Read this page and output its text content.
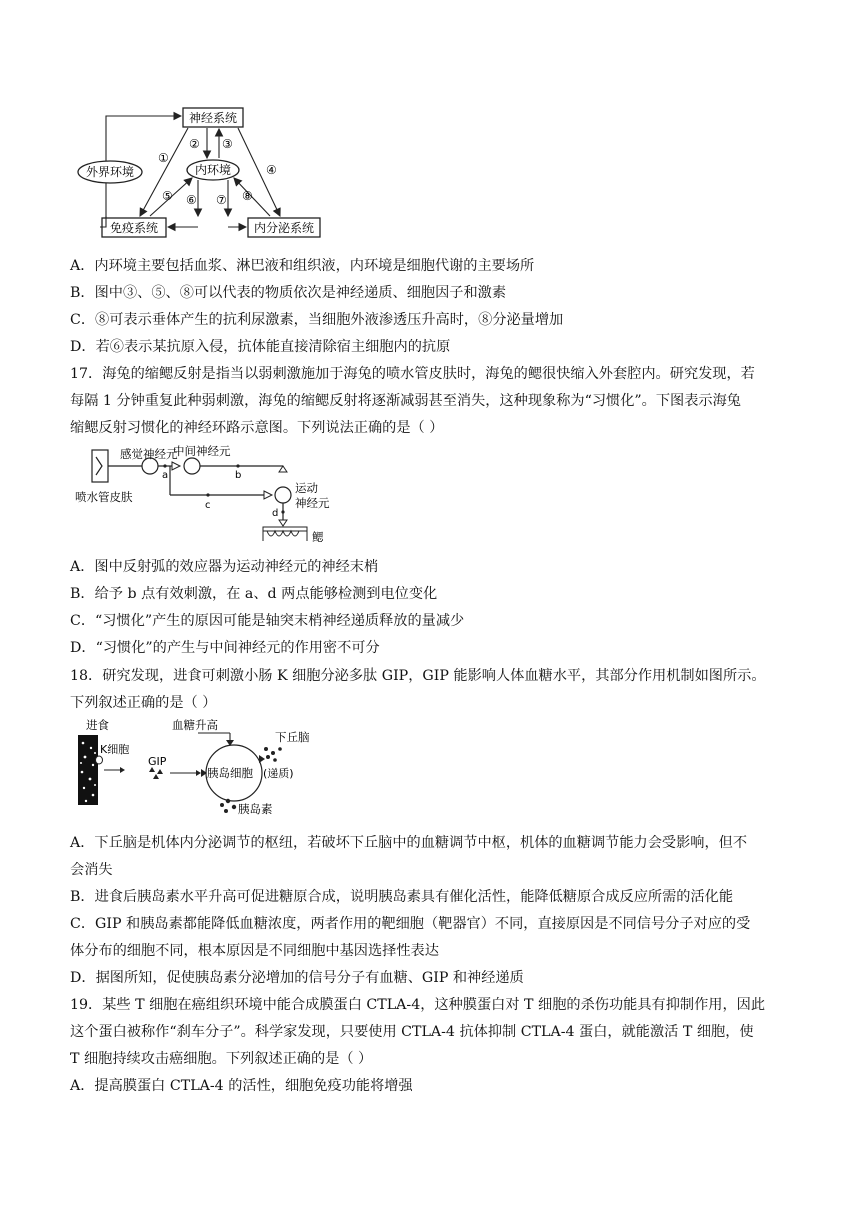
神经系统
外界环境	内环境
免疫系统	内分泌系统
①
② ③
④
⑤ ⑥ ⑦ ⑧
A．内环境主要包括血浆、淋巴液和组织液，内环境是细胞代谢的主要场所
B．图中③、⑤、⑧可以代表的物质依次是神经递质、细胞因子和激素
C．⑧可表示垂体产生的抗利尿激素，当细胞外液渗透压升高时，⑧分泌量增加
D．若⑥表示某抗原入侵，抗体能直接清除宿主细胞内的抗原
17．海兔的缩鳃反射是指当以弱刺激施加于海兔的喷水管皮肤时，海兔的鳃很快缩入外套腔内。研究发现，若
每隔 1 分钟重复此种弱刺激，海兔的缩鳃反射将逐渐减弱甚至消失，这种现象称为“习惯化”。下图表示海兔
缩鳃反射习惯化的神经环路示意图。下列说法正确的是（ ）
喷水管皮肤
感觉神经元
a
中间神经元
b
c
运动
神经元
d
鳃
A．图中反射弧的效应器为运动神经元的神经末梢
B．给予 b 点有效刺激，在 a、d 两点能够检测到电位变化
C．“习惯化”产生的原因可能是轴突末梢神经递质释放的量减少
D．“习惯化”的产生与中间神经元的作用密不可分
18．研究发现，进食可刺激小肠 K 细胞分泌多肽 GIP，GIP 能影响人体血糖水平，其部分作用机制如图所示。
下列叙述正确的是（ ）
进食
K细胞
GIP
血糖升高
胰岛细胞
下丘脑
(递质)
胰岛素
A．下丘脑是机体内分泌调节的枢纽，若破坏下丘脑中的血糖调节中枢，机体的血糖调节能力会受影响，但不
会消失
B．进食后胰岛素水平升高可促进糖原合成，说明胰岛素具有催化活性，能降低糖原合成反应所需的活化能
C．GIP 和胰岛素都能降低血糖浓度，两者作用的靶细胞（靶器官）不同，直接原因是不同信号分子对应的受
体分布的细胞不同，根本原因是不同细胞中基因选择性表达
D．据图所知，促使胰岛素分泌增加的信号分子有血糖、GIP 和神经递质
19．某些 T 细胞在癌组织环境中能合成膜蛋白 CTLA-4，这种膜蛋白对 T 细胞的杀伤功能具有抑制作用，因此
这个蛋白被称作“刹车分子”。科学家发现，只要使用 CTLA-4 抗体抑制 CTLA-4 蛋白，就能激活 T 细胞，使
T 细胞持续攻击癌细胞。下列叙述正确的是（ ）
A．提高膜蛋白 CTLA-4 的活性，细胞免疫功能将增强
